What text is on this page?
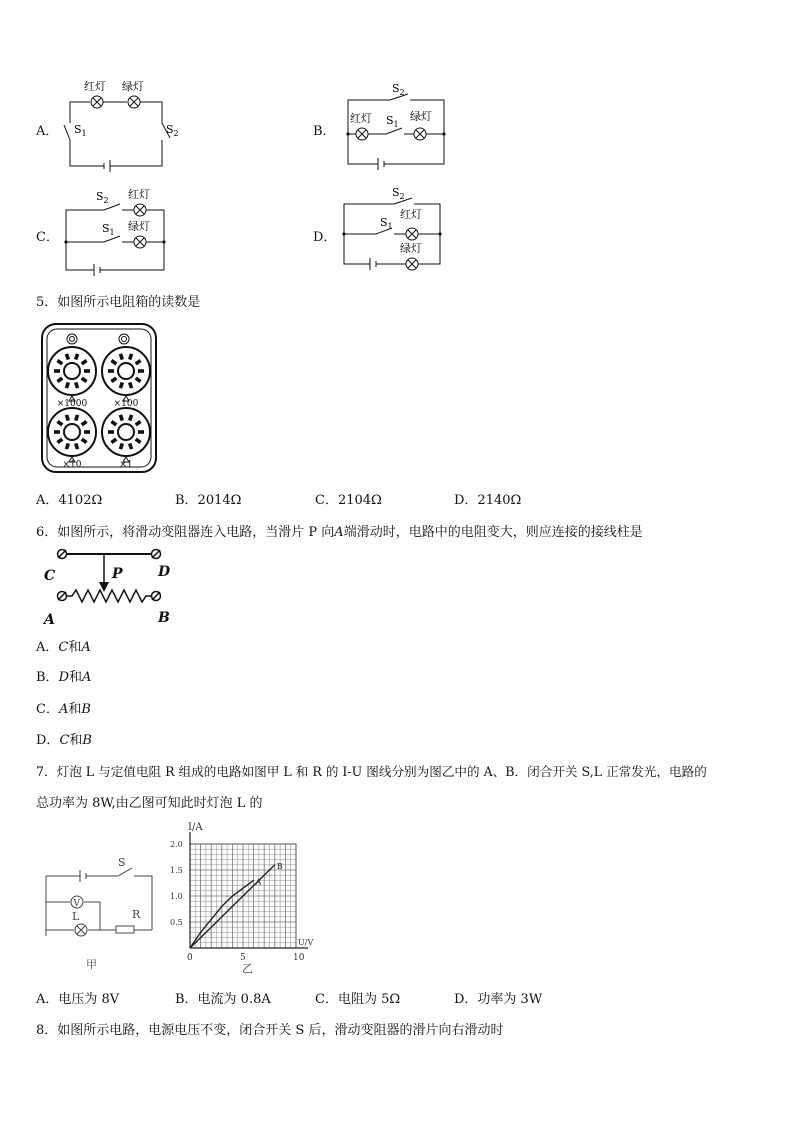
A．
红灯 绿灯
$S_1$	$S_2$	B．
$S_2$
红灯 $S_1$
绿灯
C．
$S_2$ 红灯
$S_1$ 绿灯
D．
$S_2$
$S_1$
红灯
绿灯
5．如图所示电阻箱的读数是
×1000	×100
×10	×1
A．4102Ω	B．2014Ω	C．2104Ω	D．2140Ω
6．如图所示，将滑动变阻器连入电路，当滑片 P 向A端滑动时，电路中的电阻变大，则应连接的接线柱是
C	P	D
A	B
A．C和A
B．D和A
C．A和B
D．C和B
7．灯泡 L 与定值电阻 R 组成的电路如图甲 L 和 R 的 I-U 图线分别为图乙中的 A、B．闭合开关 S,L 正常发光，电路的
总功率为 8W,由乙图可知此时灯泡 L 的
S
V
L	R
甲	0	5	10
0.5
1.0
1.5
2.0
U/V
I/A
A
B
乙
A．电压为 8V	B．电流为 0.8A	C．电阻为 5Ω	D．功率为 3W
8．如图所示电路，电源电压不变，闭合开关 S 后，滑动变阻器的滑片向右滑动时
